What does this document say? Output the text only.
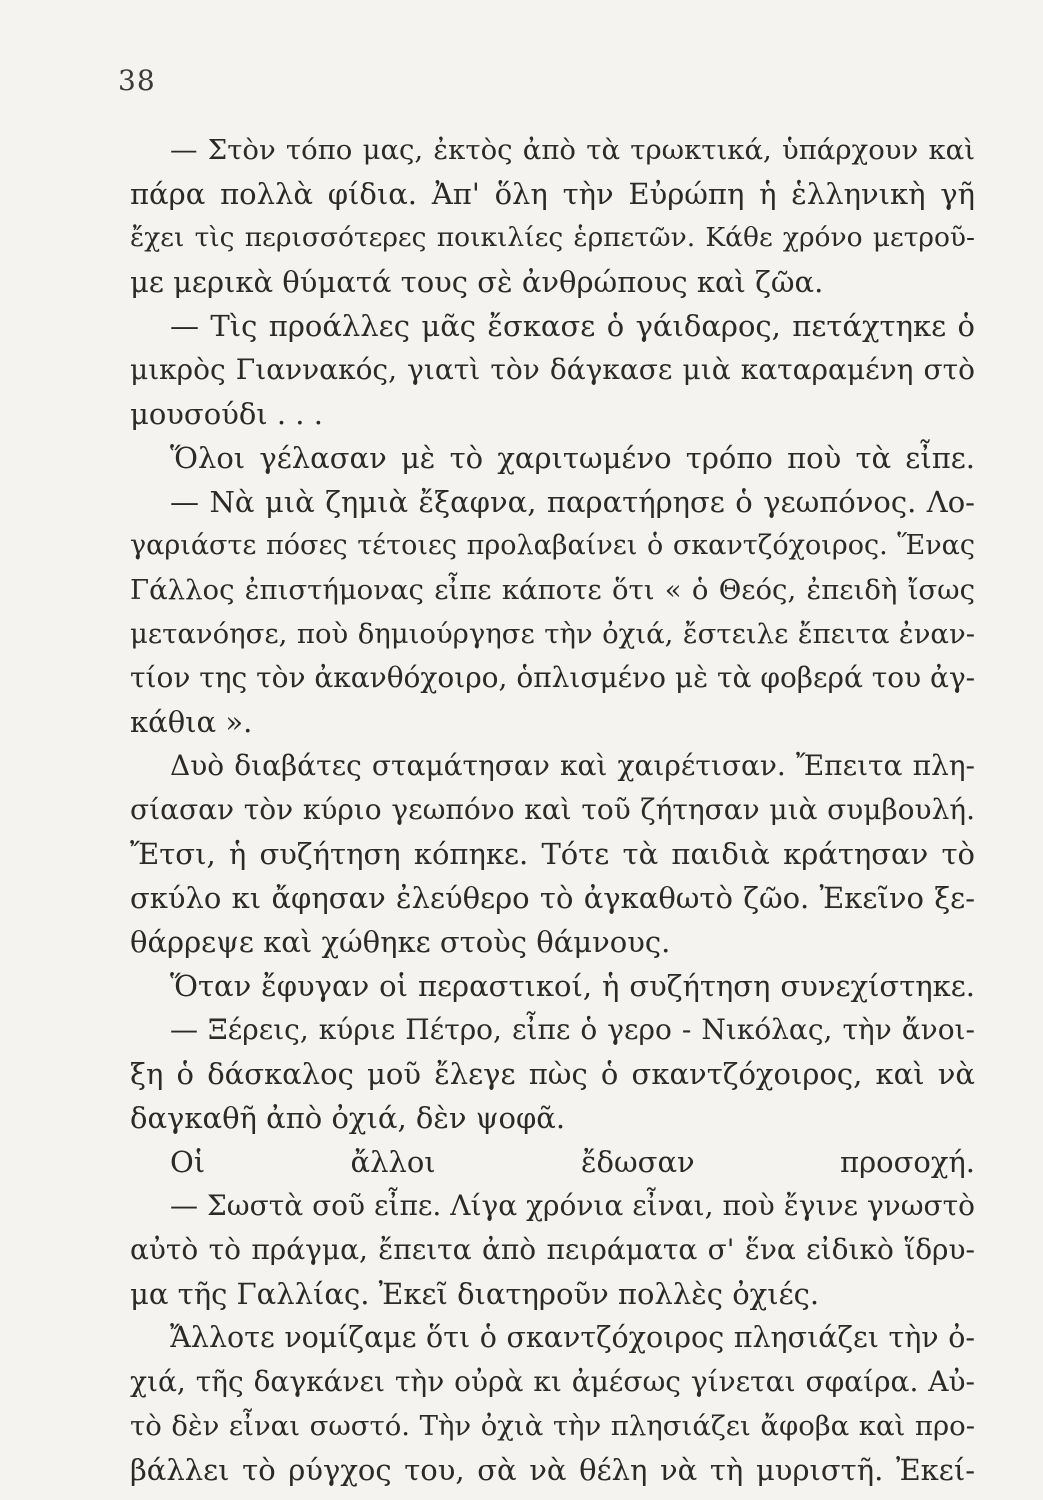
38
— Στὸν τόπο μας, ἐκτὸς ἀπὸ τὰ τρωκτικά, ὑπάρχουν καὶ
πάρα πολλὰ φίδια. Ἀπ' ὅλη τὴν Εὐρώπη ἡ ἑλληνικὴ γῆ
ἔχει τὶς περισσότερες ποικιλίες ἑρπετῶν. Κάθε χρόνο μετροῦ-
με μερικὰ θύματά τους σὲ ἀνθρώπους καὶ ζῶα.
— Τὶς προάλλες μᾶς ἔσκασε ὁ γάιδαρος, πετάχτηκε ὁ
μικρὸς Γιαννακός, γιατὶ τὸν δάγκασε μιὰ καταραμένη στὸ
μουσούδι . . .
Ὅλοι γέλασαν μὲ τὸ χαριτωμένο τρόπο ποὺ τὰ εἶπε.
— Νὰ μιὰ ζημιὰ ἔξαφνα, παρατήρησε ὁ γεωπόνος. Λο-
γαριάστε πόσες τέτοιες προλαβαίνει ὁ σκαντζόχοιρος. Ἕνας
Γάλλος ἐπιστήμονας εἶπε κάποτε ὅτι « ὁ Θεός, ἐπειδὴ ἴσως
μετανόησε, ποὺ δημιούργησε τὴν ὀχιά, ἔστειλε ἔπειτα ἐναν-
τίον της τὸν ἀκανθόχοιρο, ὁπλισμένο μὲ τὰ φοβερά του ἀγ-
κάθια ».
Δυὸ διαβάτες σταμάτησαν καὶ χαιρέτισαν. Ἔπειτα πλη-
σίασαν τὸν κύριο γεωπόνο καὶ τοῦ ζήτησαν μιὰ συμβουλή.
Ἔτσι, ἡ συζήτηση κόπηκε. Τότε τὰ παιδιὰ κράτησαν τὸ
σκύλο κι ἄφησαν ἐλεύθερο τὸ ἀγκαθωτὸ ζῶο. Ἐκεῖνο ξε-
θάρρεψε καὶ χώθηκε στοὺς θάμνους.
Ὅταν ἔφυγαν οἱ περαστικοί, ἡ συζήτηση συνεχίστηκε.
— Ξέρεις, κύριε Πέτρο, εἶπε ὁ γερο - Νικόλας, τὴν ἄνοι-
ξη ὁ δάσκαλος μοῦ ἔλεγε πὼς ὁ σκαντζόχοιρος, καὶ νὰ
δαγκαθῆ ἀπὸ ὀχιά, δὲν ψοφᾶ.
Οἱ ἄλλοι ἔδωσαν προσοχή.
— Σωστὰ σοῦ εἶπε. Λίγα χρόνια εἶναι, ποὺ ἔγινε γνωστὸ
αὐτὸ τὸ πράγμα, ἔπειτα ἀπὸ πειράματα σ' ἕνα εἰδικὸ ἵδρυ-
μα τῆς Γαλλίας. Ἐκεῖ διατηροῦν πολλὲς ὀχιές.
Ἄλλοτε νομίζαμε ὅτι ὁ σκαντζόχοιρος πλησιάζει τὴν ὀ-
χιά, τῆς δαγκάνει τὴν οὐρὰ κι ἀμέσως γίνεται σφαίρα. Αὐ-
τὸ δὲν εἶναι σωστό. Τὴν ὀχιὰ τὴν πλησιάζει ἄφοβα καὶ προ-
βάλλει τὸ ρύγχος του, σὰ νὰ θέλη νὰ τὴ μυριστῆ. Ἐκεί-
